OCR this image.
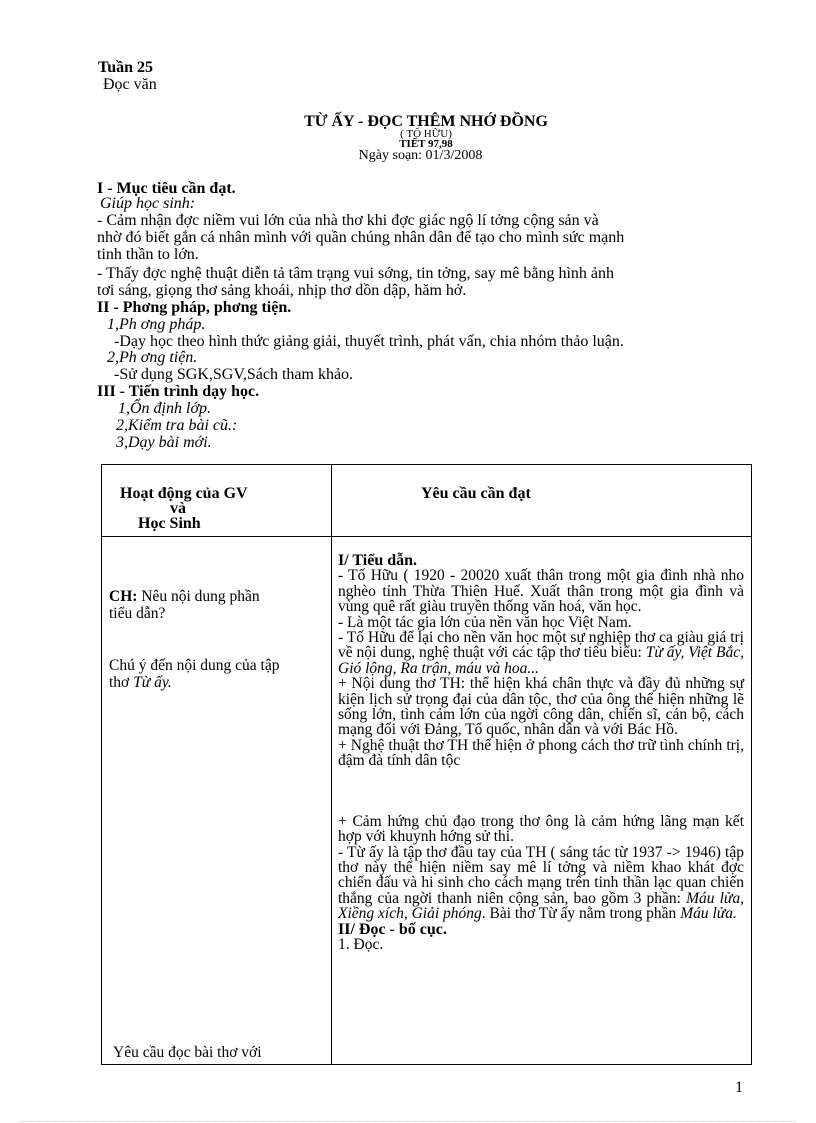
Tuần 25
Đọc văn
TỪ ẤY - ĐỌC THÊM NHỚ ĐỒNG
( TỐ HỮU)
TIẾT 97,98
Ngày soạn: 01/3/2008
I - Mục tiêu cần đạt.
Giúp học sinh:
- Cảm nhận đợc niềm vui lớn của nhà thơ khi đợc giác ngộ lí tởng cộng sản và
nhờ đó biết gắn cá nhân mình với quần chúng nhân dân để tạo cho mình sức mạnh
tinh thần to lớn.
- Thấy đợc nghệ thuật diễn tả tâm trạng vui sớng, tin tởng, say mê bằng hình ảnh
tơi sáng, giọng thơ sảng khoái, nhịp thơ dồn dập, hăm hở.
II - Phơng pháp, phơng tiện.
1,Ph ơng pháp.
-Dạy học theo hình thức giảng giải, thuyết trình, phát vấn, chia nhóm thảo luận.
2,Ph ơng tiện.
-Sử dụng SGK,SGV,Sách tham khảo.
III - Tiến trình dạy học.
1,Ổn định lớp.
2,Kiểm tra bài cũ.:
3,Dạy bài mới.
Hoạt động của GV
và
Học Sinh
Yêu cầu cần đạt
CH: Nêu nội dung phần
tiểu dẫn?
Chú ý đến nội dung của tập
thơ Từ ấy.
Yêu cầu đọc bài thơ với

I/ Tiểu dẫn.

- Tố Hữu ( 1920 - 20020 xuất thân trong một gia đình nhà nho nghèo tỉnh Thừa Thiên Huế. Xuất thân trong một gia đình và vùng quê rất giàu truyền thống văn hoá, văn học.

- Là một tác gia lớn của nền văn học Việt Nam.

- Tố Hữu để lại cho nền văn học một sự nghiệp thơ ca giàu giá trị về nội dung, nghệ thuật với các tập thơ tiêu biểu: Từ ấy, Việt Bắc, Gió lộng, Ra trận, máu và hoa...

+ Nội dung thơ TH: thể hiện khá chân thực và đầy đủ những sự kiện lịch sử trọng đại của dân tộc, thơ của ông thể hiện những lẽ sống lớn, tình cảm lớn của ngời công dân, chiến sĩ, cán bộ, cách mạng đối với Đảng, Tổ quốc, nhân dân và với Bác Hồ.

+ Nghệ thuật thơ TH thể hiện ở phong cách thơ trữ tình chính trị, đậm đà tính dân tộc

+ Cảm hứng chủ đạo trong thơ ông là cảm hứng lãng mạn kết hợp với khuynh hớng sử thi.

- Từ ấy là tập thơ đầu tay của TH ( sáng tác từ 1937 -> 1946) tập thơ này thể hiện niềm say mê lí tởng và niềm khao khát đợc chiến đấu và hi sinh cho cách mạng trên tinh thần lạc quan chiến thắng của ngời thanh niên cộng sản, bao gồm 3 phần: Máu lửa, Xiềng xích, Giải phóng. Bài thơ Từ ấy nằm trong phần Máu lửa.

II/ Đọc - bố cục.

1. Đọc.

1
